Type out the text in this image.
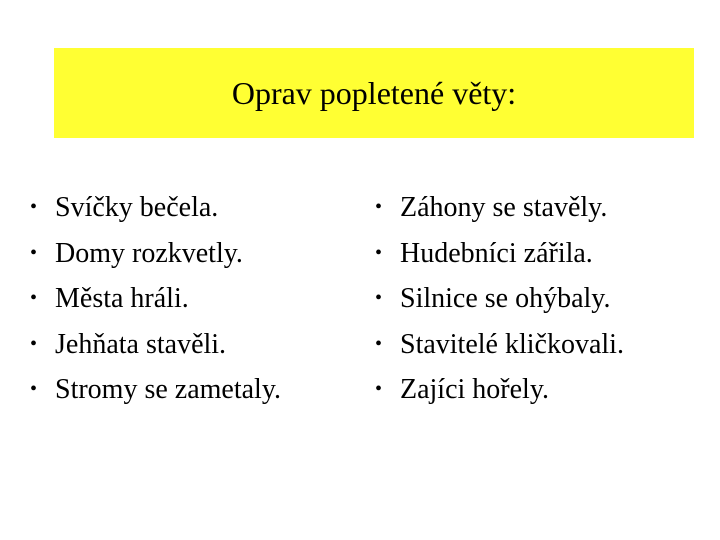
Oprav popletené věty:
• Svíčky bečela.
• Domy rozkvetly.
• Města hráli.
• Jehňata stavěli.
• Stromy se zametaly.
• Záhony se stavěly.
• Hudebníci zářila.
• Silnice se ohýbaly.
• Stavitelé kličkovali.
• Zajíci hořely.
